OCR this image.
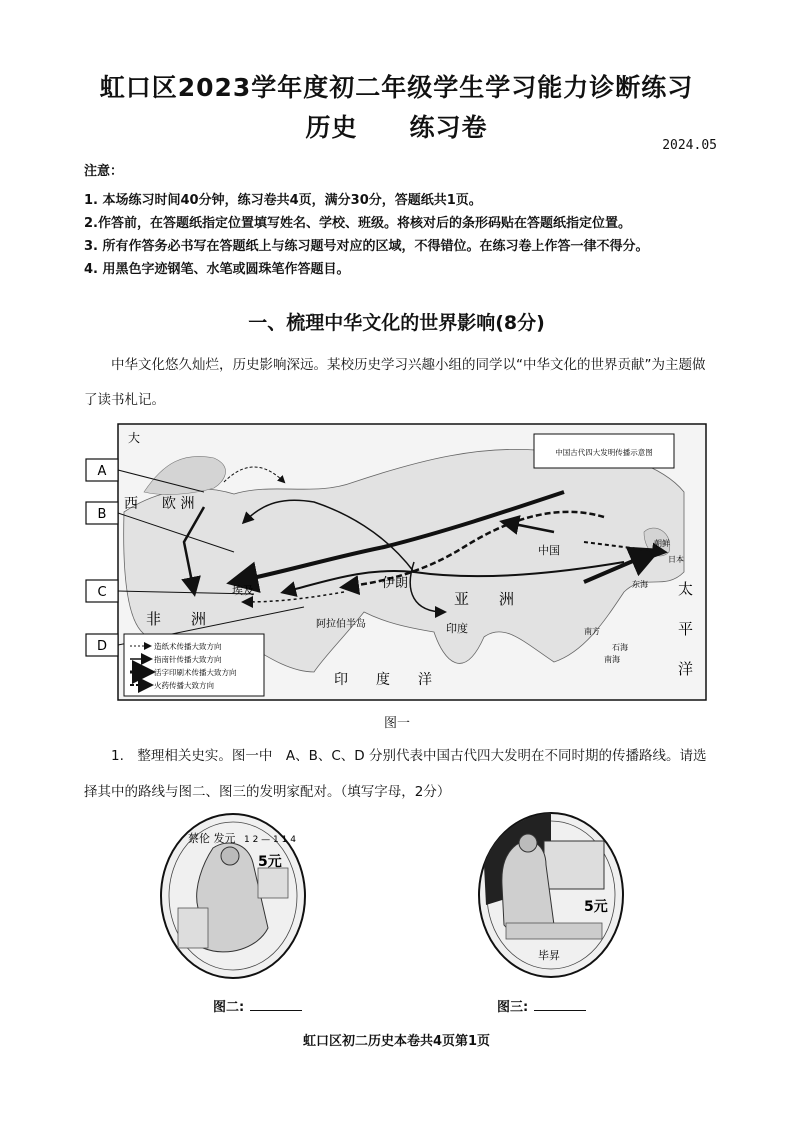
虹口区2023学年度初二年级学生学习能力诊断练习
历史　　练习卷
2024.05
注意：
1. 本场练习时间40分钟，练习卷共4页，满分30分，答题纸共1页。
2.作答前，在答题纸指定位置填写姓名、学校、班级。将核对后的条形码贴在答题纸指定位置。
3. 所有作答务必书写在答题纸上与练习题号对应的区域，不得错位。在练习卷上作答一律不得分。
4. 用黑色字迹钢笔、水笔或圆珠笔作答题目。
一、梳理中华文化的世界影响(8分)
中华文化悠久灿烂，历史影响深远。某校历史学习兴趣小组的同学以“中华文化的世界贡献”为主题做了读书札记。
中国古代四大发明传播示意图
A
B
C
D
大
西 欧 洲
非　　洲	阿拉伯半岛
亚　　洲
伊朗
埃及
印度
中国
朝鲜
日本
印　　度　　洋
太
平
洋
东海
南方
石海
南海
造纸术传播大致方向
指南针传播大致方向
活字印刷术传播大致方向
火药传播大致方向
图一
1.　整理相关史实。图一中　A、B、C、D 分别代表中国古代四大发明在不同时期的传播路线。请选择其中的路线与图二、图三的发明家配对。（填写字母，2分）
蔡伦 发元 1 2 — 1 1 4
5元
图二:
5元
毕昇
图三:
虹口区初二历史本卷共4页第1页
